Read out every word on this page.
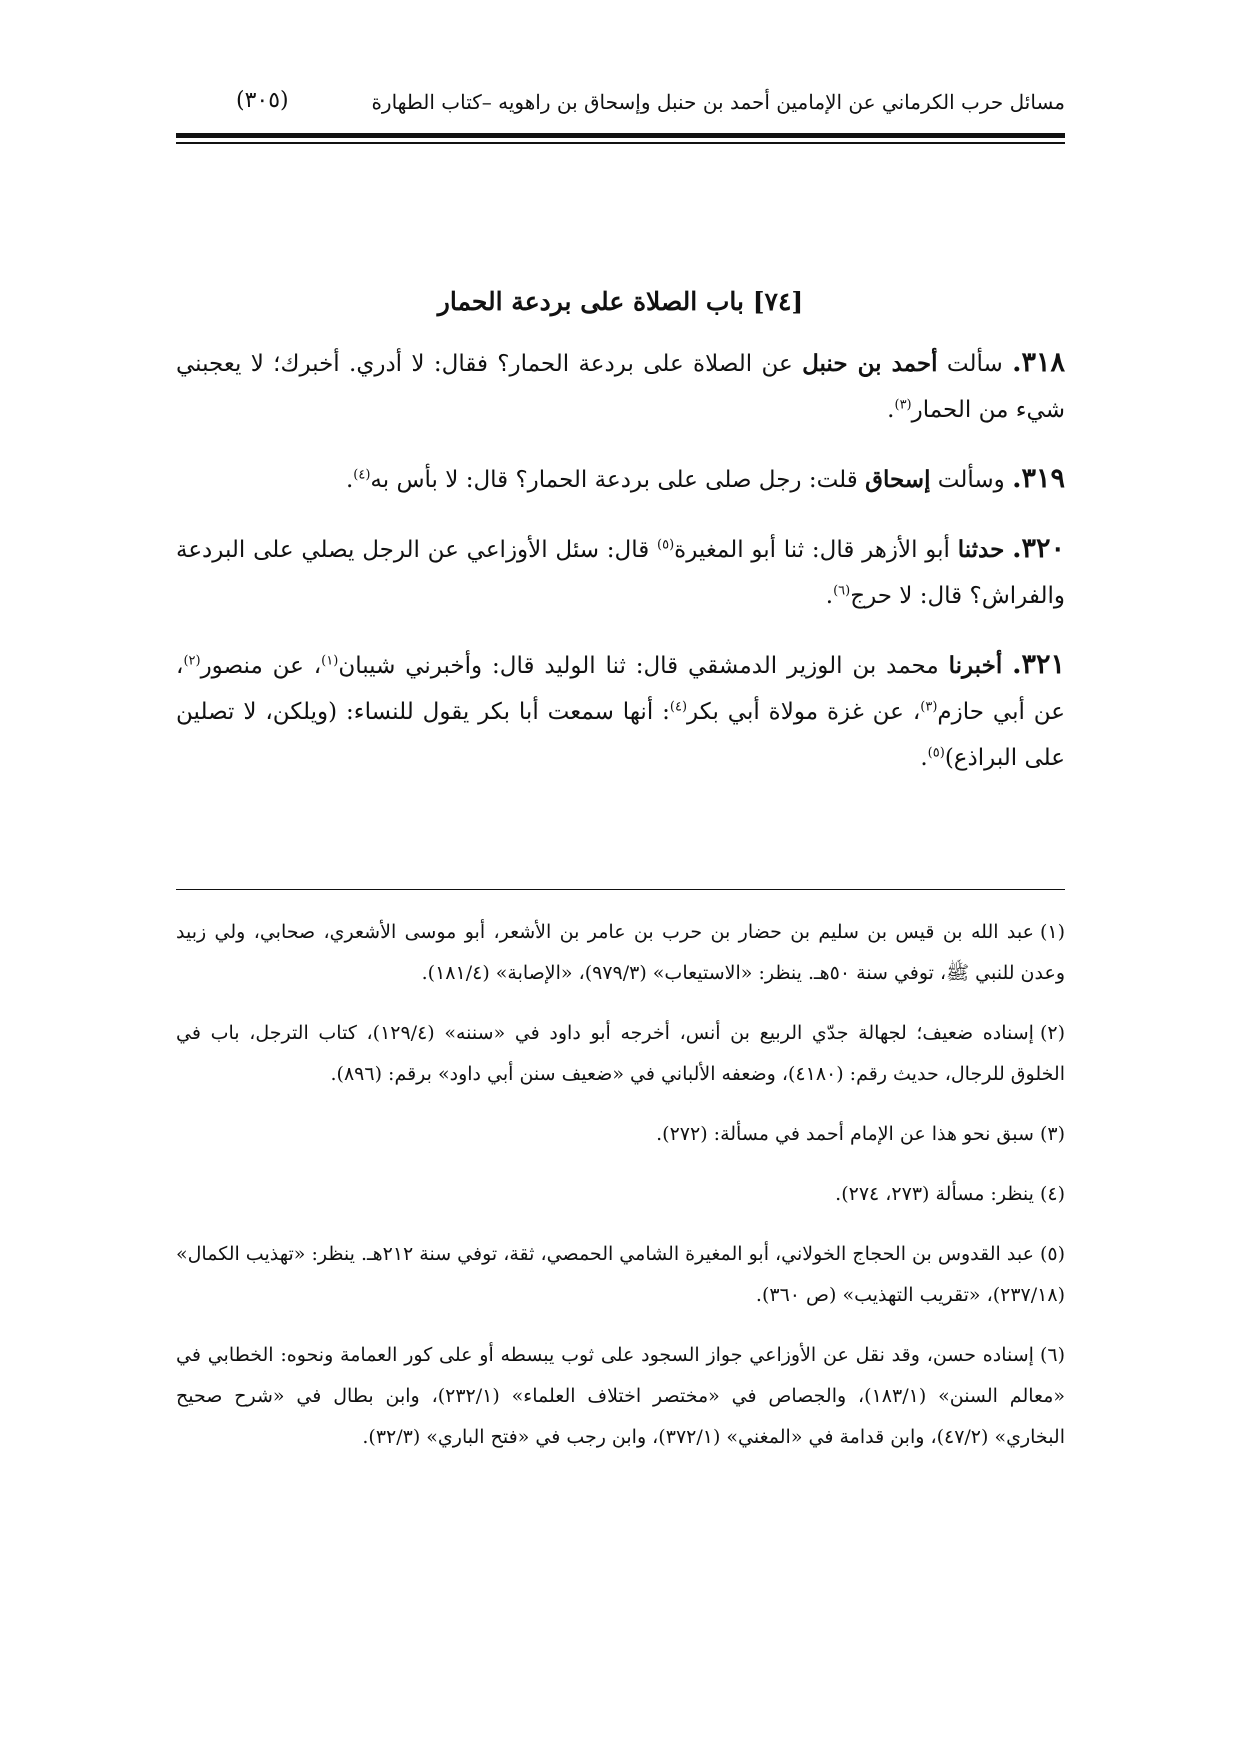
مسائل حرب الكرماني عن الإمامين أحمد بن حنبل وإسحاق بن راهويه –كتاب الطهارة
(٣٠٥)
[٧٤] باب الصلاة على بردعة الحمار

٣١٨. سألت أحمد بن حنبل عن الصلاة على بردعة الحمار؟ فقال: لا أدري. أخبرك؛ لا يعجبني شيء من الحمار$^{(٣)}$.

٣١٩. وسألت إسحاق قلت: رجل صلى على بردعة الحمار؟ قال: لا بأس به$^{(٤)}$.

٣٢٠. حدثنا أبو الأزهر قال: ثنا أبو المغيرة$^{(٥)}$ قال: سئل الأوزاعي عن الرجل يصلي على البردعة والفراش؟ قال: لا حرج$^{(٦)}$.

٣٢١. أخبرنا محمد بن الوزير الدمشقي قال: ثنا الوليد قال: وأخبرني شيبان$^{(١)}$، عن منصور$^{(٢)}$، عن أبي حازم$^{(٣)}$، عن غزة مولاة أبي بكر$^{(٤)}$: أنها سمعت أبا بكر يقول للنساء: (ويلكن، لا تصلين على البراذع)$^{(٥)}$.

(١)عبد الله بن قيس بن سليم بن حضار بن حرب بن عامر بن الأشعر، أبو موسى الأشعري، صحابي، ولي زبيد وعدن للنبي ﷺ، توفي سنة ٥٠هـ. ينظر: «الاستيعاب» (٩٧٩/٣)، «الإصابة» (١٨١/٤).

(٢)إسناده ضعيف؛ لجهالة جدّي الربيع بن أنس، أخرجه أبو داود في «سننه» (١٢٩/٤)، كتاب الترجل، باب في الخلوق للرجال، حديث رقم: (٤١٨٠)، وضعفه الألباني في «ضعيف سنن أبي داود» برقم: (٨٩٦).

(٣)سبق نحو هذا عن الإمام أحمد في مسألة: (٢٧٢).

(٤)ينظر: مسألة (٢٧٣، ٢٧٤).

(٥)عبد القدوس بن الحجاج الخولاني، أبو المغيرة الشامي الحمصي، ثقة، توفي سنة ٢١٢هـ. ينظر: «تهذيب الكمال» (٢٣٧/١٨)، «تقريب التهذيب» (ص ٣٦٠).

(٦)إسناده حسن، وقد نقل عن الأوزاعي جواز السجود على ثوب يبسطه أو على كور العمامة ونحوه: الخطابي في «معالم السنن» (١٨٣/١)، والجصاص في «مختصر اختلاف العلماء» (٢٣٢/١)، وابن بطال في «شرح صحيح البخاري» (٤٧/٢)، وابن قدامة في «المغني» (٣٧٢/١)، وابن رجب في «فتح الباري» (٣٢/٣).
